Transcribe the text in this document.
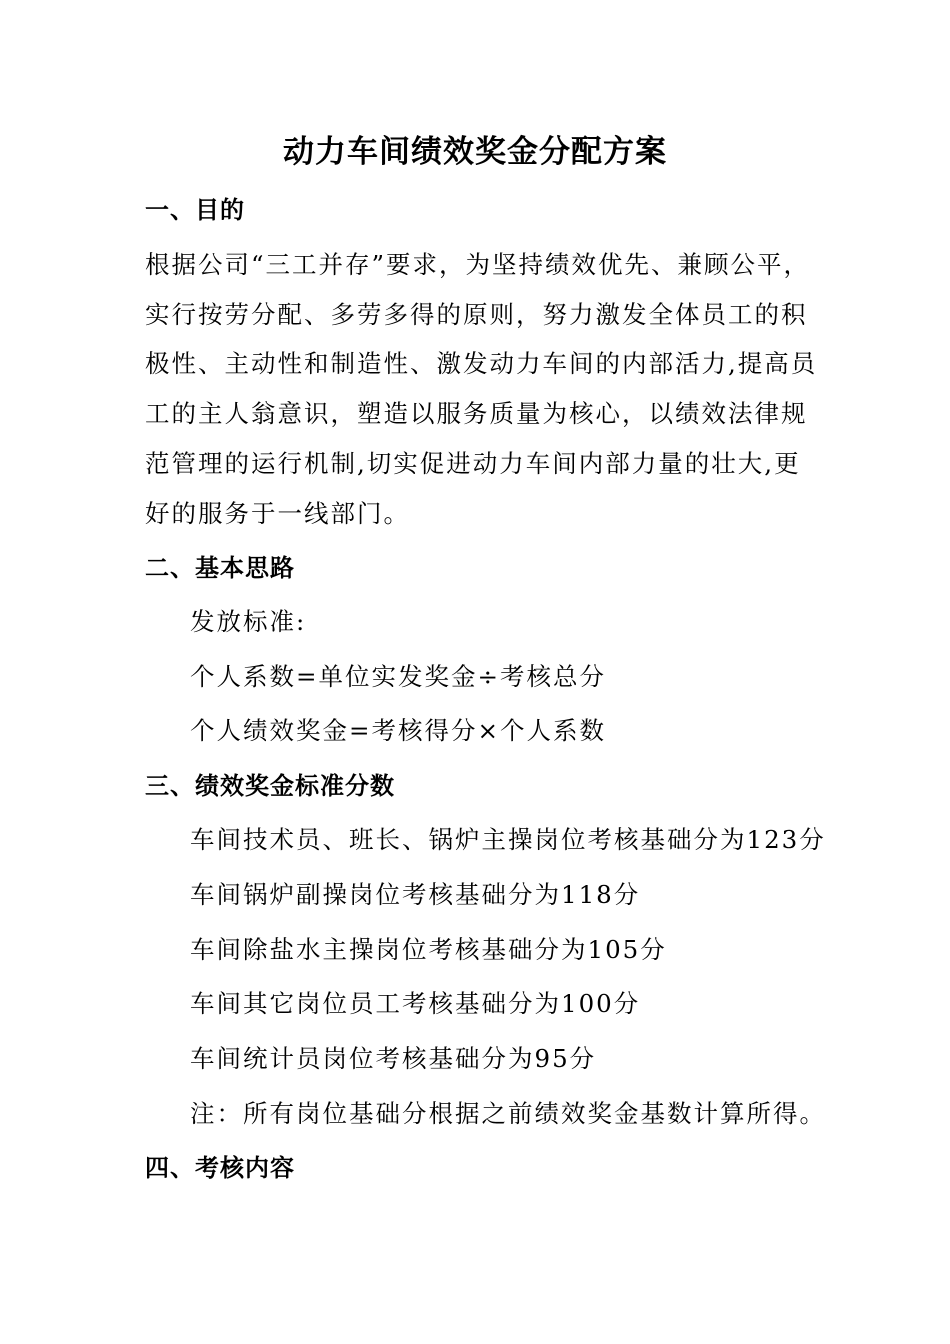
动力车间绩效奖金分配方案
一、目的
根据公司“三工并存”要求，为坚持绩效优先、兼顾公平，
实行按劳分配、多劳多得的原则，努力激发全体员工的积
极性、主动性和制造性、激发动力车间的内部活力,提高员
工的主人翁意识，塑造以服务质量为核心，以绩效法律规
范管理的运行机制,切实促进动力车间内部力量的壮大,更
好的服务于一线部门。
二、基本思路
发放标准:
个人系数=单位实发奖金÷考核总分
个人绩效奖金=考核得分×个人系数
三、绩效奖金标准分数
车间技术员、班长、锅炉主操岗位考核基础分为123分
车间锅炉副操岗位考核基础分为118分
车间除盐水主操岗位考核基础分为105分
车间其它岗位员工考核基础分为100分
车间统计员岗位考核基础分为95分
注：所有岗位基础分根据之前绩效奖金基数计算所得。
四、考核内容
